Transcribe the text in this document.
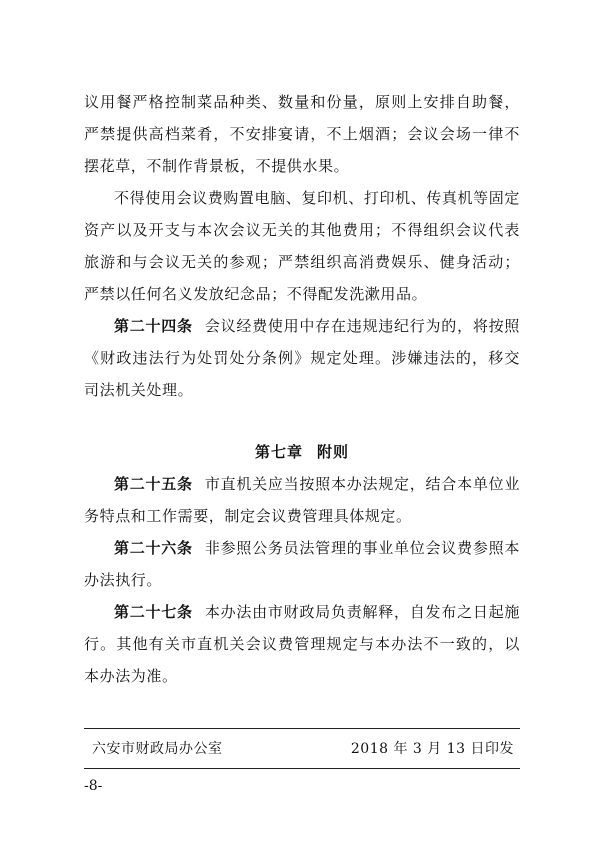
议用餐严格控制菜品种类、数量和份量，原则上安排自助餐，严禁提供高档菜肴，不安排宴请，不上烟酒；会议会场一律不摆花草，不制作背景板，不提供水果。

不得使用会议费购置电脑、复印机、打印机、传真机等固定资产以及开支与本次会议无关的其他费用；不得组织会议代表旅游和与会议无关的参观；严禁组织高消费娱乐、健身活动；严禁以任何名义发放纪念品；不得配发洗漱用品。

第二十四条 会议经费使用中存在违规违纪行为的，将按照《财政违法行为处罚处分条例》规定处理。涉嫌违法的，移交司法机关处理。

第七章 附则

第二十五条 市直机关应当按照本办法规定，结合本单位业务特点和工作需要，制定会议费管理具体规定。

第二十六条 非参照公务员法管理的事业单位会议费参照本办法执行。

第二十七条 本办法由市财政局负责解释，自发布之日起施行。其他有关市直机关会议费管理规定与本办法不一致的，以本办法为准。

六安市财政局办公室	2018 年 3 月 13 日印发
-8-
